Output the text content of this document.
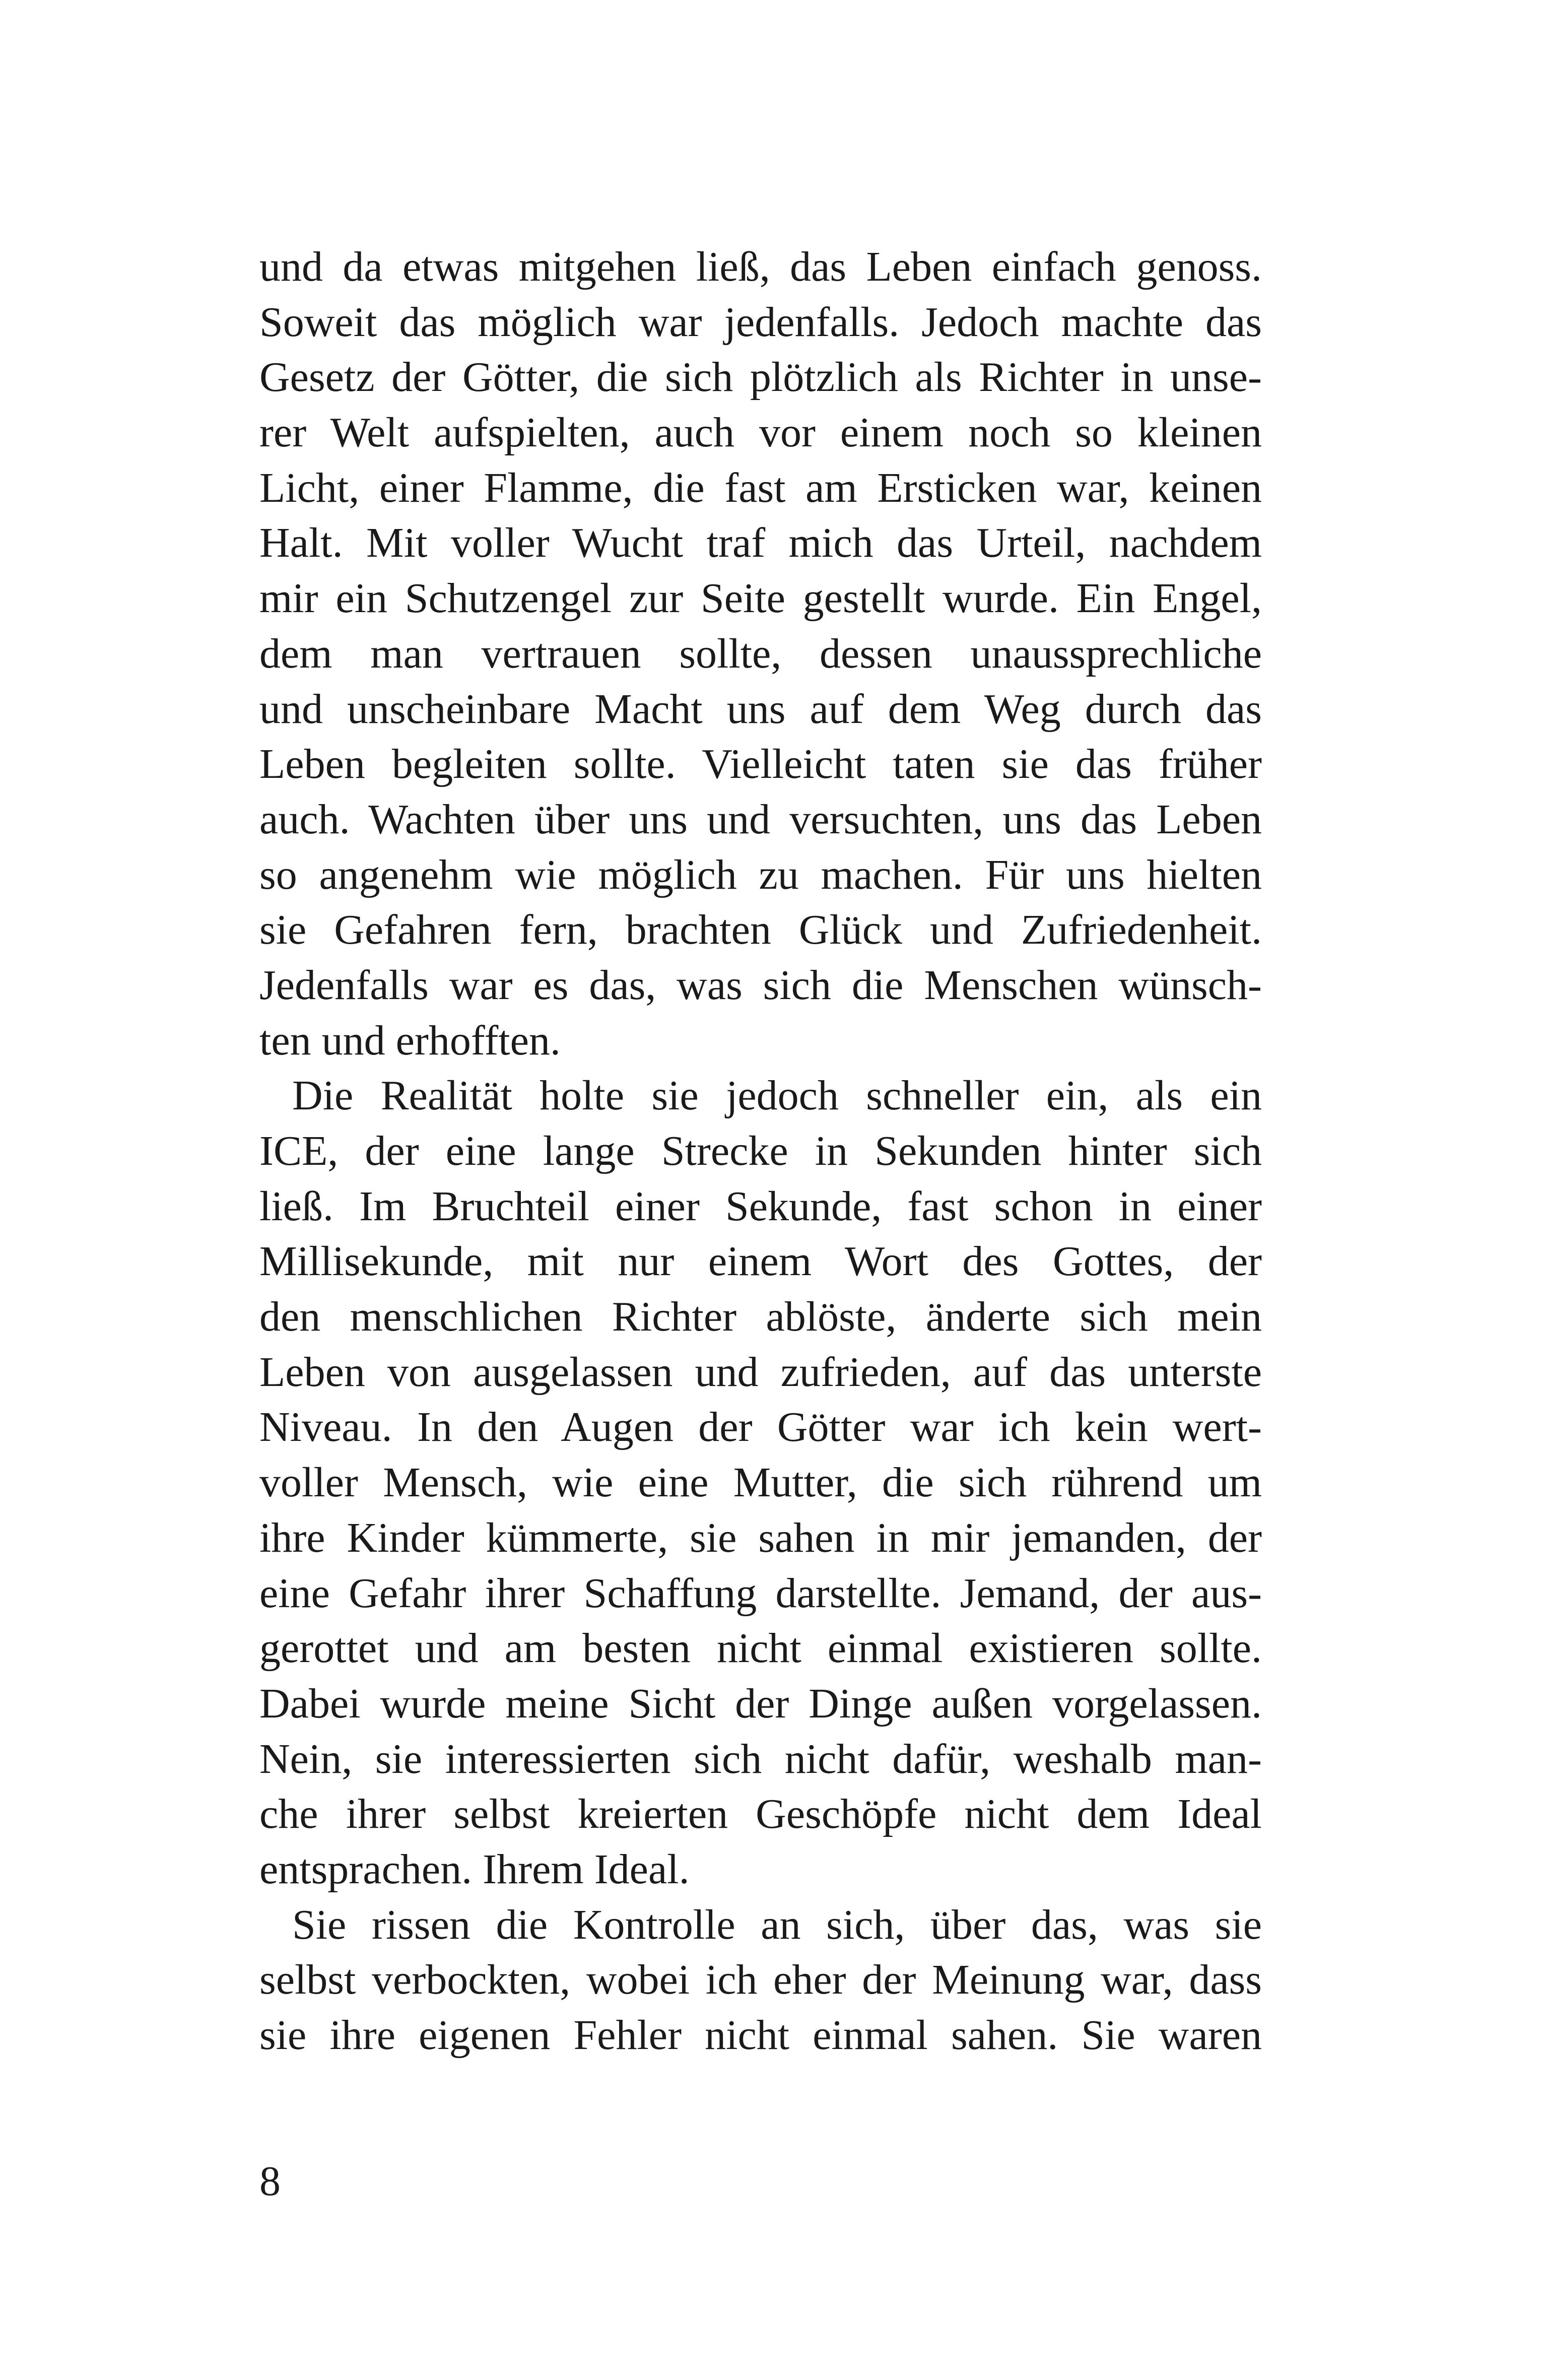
und da etwas mitgehen ließ, das Leben einfach genoss.
Soweit das möglich war jedenfalls. Jedoch machte das
Gesetz der Götter, die sich plötzlich als Richter in unse-
rer Welt aufspielten, auch vor einem noch so kleinen
Licht, einer Flamme, die fast am Ersticken war, keinen
Halt. Mit voller Wucht traf mich das Urteil, nachdem
mir ein Schutzengel zur Seite gestellt wurde. Ein Engel,
dem man vertrauen sollte, dessen unaussprechliche
und unscheinbare Macht uns auf dem Weg durch das
Leben begleiten sollte. Vielleicht taten sie das früher
auch. Wachten über uns und versuchten, uns das Leben
so angenehm wie möglich zu machen. Für uns hielten
sie Gefahren fern, brachten Glück und Zufriedenheit.
Jedenfalls war es das, was sich die Menschen wünsch-
ten und erhofften.
Die Realität holte sie jedoch schneller ein, als ein
ICE, der eine lange Strecke in Sekunden hinter sich
ließ. Im Bruchteil einer Sekunde, fast schon in einer
Millisekunde, mit nur einem Wort des Gottes, der
den menschlichen Richter ablöste, änderte sich mein
Leben von ausgelassen und zufrieden, auf das unterste
Niveau. In den Augen der Götter war ich kein wert-
voller Mensch, wie eine Mutter, die sich rührend um
ihre Kinder kümmerte, sie sahen in mir jemanden, der
eine Gefahr ihrer Schaffung darstellte. Jemand, der aus-
gerottet und am besten nicht einmal existieren sollte.
Dabei wurde meine Sicht der Dinge außen vorgelassen.
Nein, sie interessierten sich nicht dafür, weshalb man-
che ihrer selbst kreierten Geschöpfe nicht dem Ideal
entsprachen. Ihrem Ideal.
Sie rissen die Kontrolle an sich, über das, was sie
selbst verbockten, wobei ich eher der Meinung war, dass
sie ihre eigenen Fehler nicht einmal sahen. Sie waren
8
